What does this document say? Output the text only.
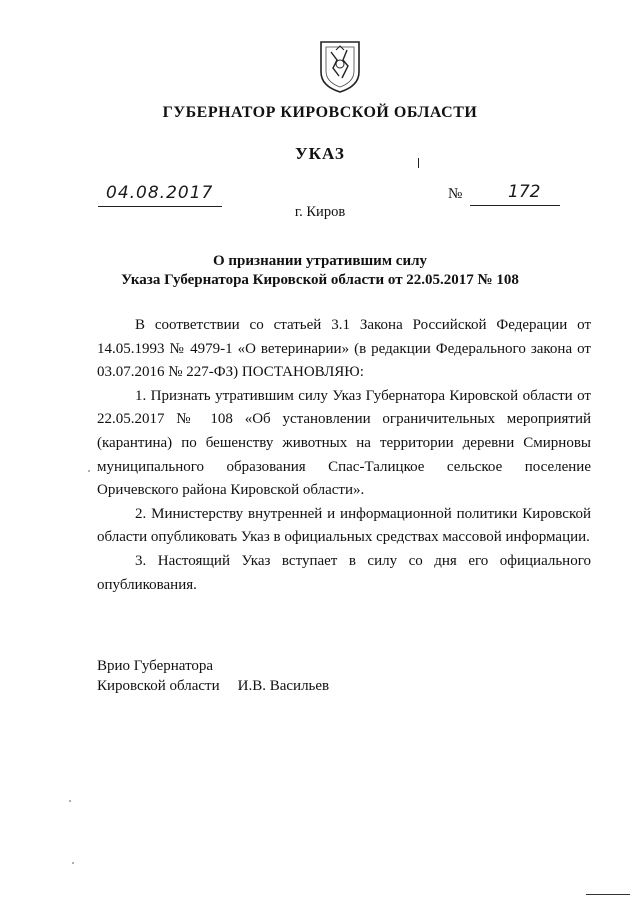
ГУБЕРНАТОР КИРОВСКОЙ ОБЛАСТИ
УКАЗ
04.08.2017	№	172
г. Киров
О признании утратившим силу
Указа Губернатора Кировской области от 22.05.2017 № 108

В соответствии со статьей 3.1 Закона Российской Федерации от 14.05.1993 № 4979-1 «О ветеринарии» (в редакции Федерального закона от 03.07.2016 № 227-ФЗ) ПОСТАНОВЛЯЮ:

1. Признать утратившим силу Указ Губернатора Кировской области от 22.05.2017 № 108 «Об установлении ограничительных мероприятий (карантина) по бешенству животных на территории деревни Смирновы муниципального образования Спас-Талицкое сельское поселение Оричевского района Кировской области».

2. Министерству внутренней и информационной политики Кировской области опубликовать Указ в официальных средствах массовой информации.

3. Настоящий Указ вступает в силу со дня его официального опубликования.

Врио Губернатора
Кировской области И.В. Васильев
